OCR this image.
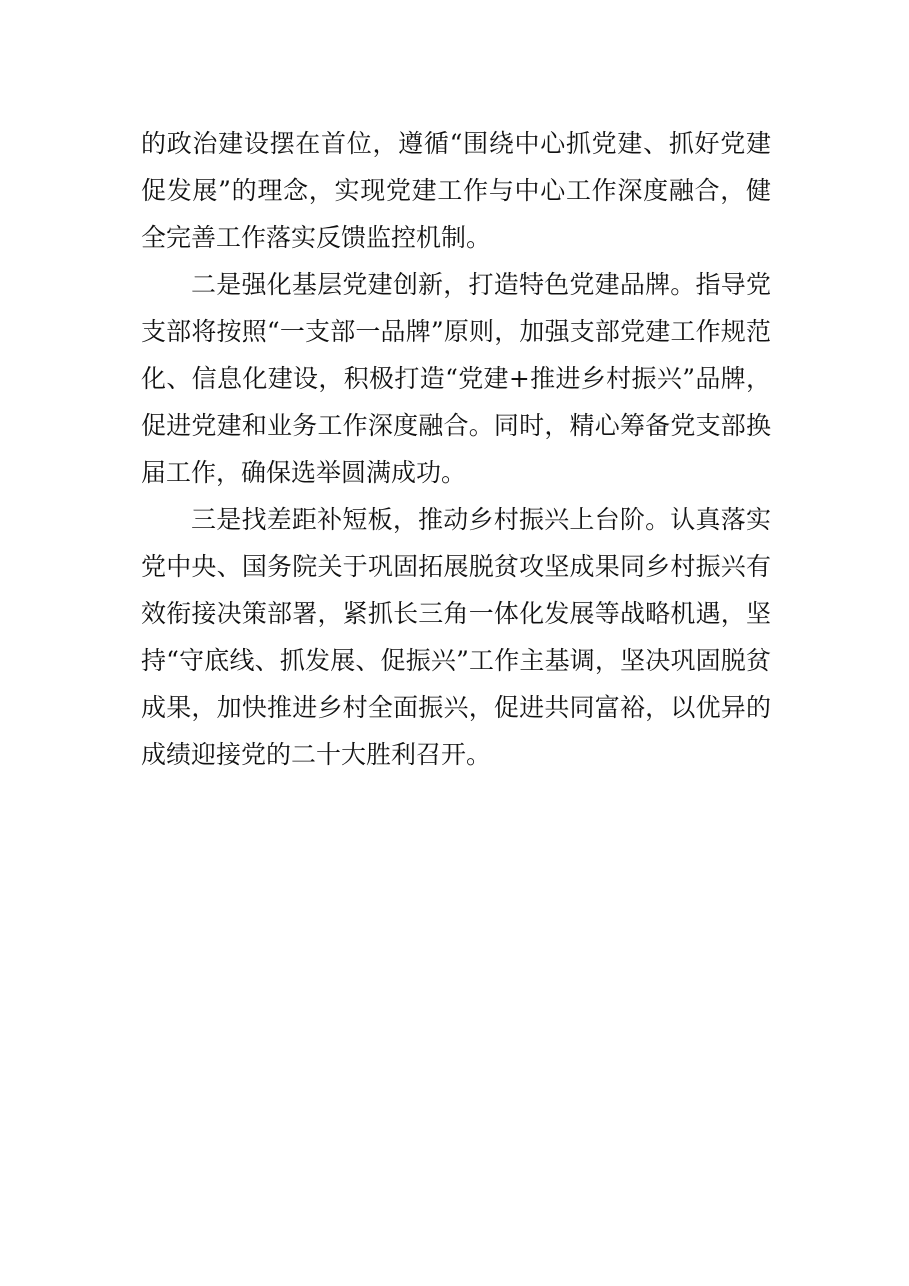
的政治建设摆在首位，遵循“围绕中心抓党建、抓好党建促发展”的理念，实现党建工作与中心工作深度融合，健全完善工作落实反馈监控机制。

二是强化基层党建创新，打造特色党建品牌。指导党支部将按照“一支部一品牌”原则，加强支部党建工作规范化、信息化建设，积极打造“党建+推进乡村振兴”品牌，促进党建和业务工作深度融合。同时，精心筹备党支部换届工作，确保选举圆满成功。

三是找差距补短板，推动乡村振兴上台阶。认真落实党中央、国务院关于巩固拓展脱贫攻坚成果同乡村振兴有效衔接决策部署，紧抓长三角一体化发展等战略机遇，坚持“守底线、抓发展、促振兴”工作主基调，坚决巩固脱贫成果，加快推进乡村全面振兴，促进共同富裕，以优异的成绩迎接党的二十大胜利召开。
